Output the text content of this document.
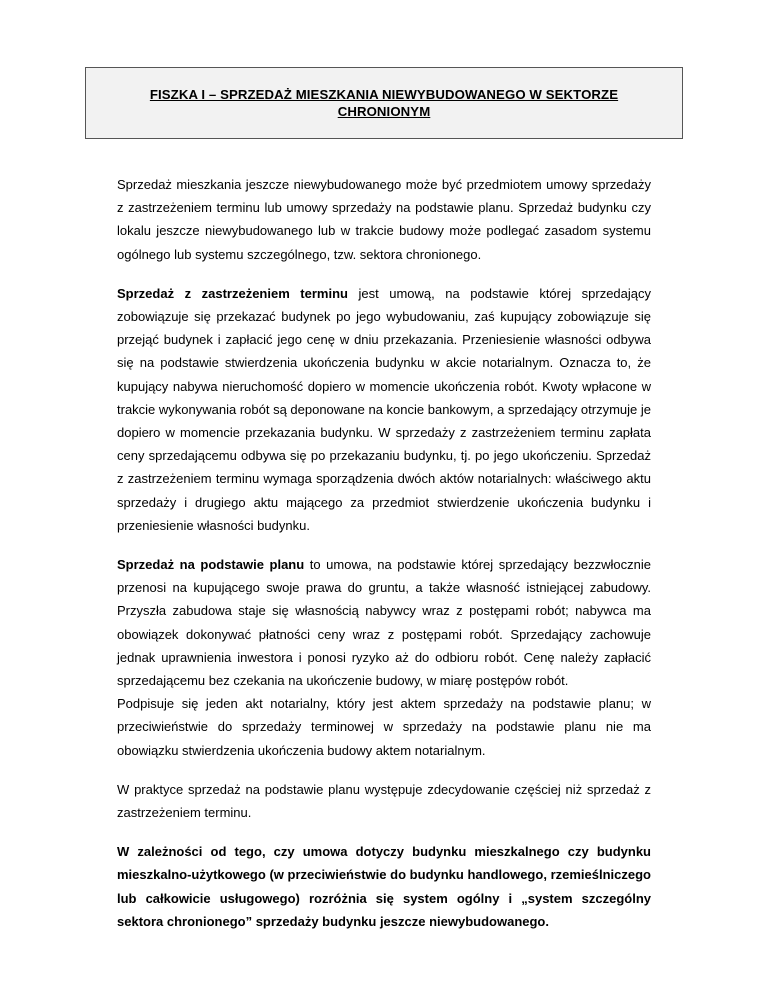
FISZKA I – SPRZEDAŻ MIESZKANIA NIEWYBUDOWANEGO W SEKTORZE CHRONIONYM

Sprzedaż mieszkania jeszcze niewybudowanego może być przedmiotem umowy sprzedaży z zastrzeżeniem terminu lub umowy sprzedaży na podstawie planu. Sprzedaż budynku czy lokalu jeszcze niewybudowanego lub w trakcie budowy może podlegać zasadom systemu ogólnego lub systemu szczególnego, tzw. sektora chronionego.

Sprzedaż z zastrzeżeniem terminu jest umową, na podstawie której sprzedający zobowiązuje się przekazać budynek po jego wybudowaniu, zaś kupujący zobowiązuje się przejąć budynek i zapłacić jego cenę w dniu przekazania. Przeniesienie własności odbywa się na podstawie stwierdzenia ukończenia budynku w akcie notarialnym. Oznacza to, że kupujący nabywa nieruchomość dopiero w momencie ukończenia robót. Kwoty wpłacone w trakcie wykonywania robót są deponowane na koncie bankowym, a sprzedający otrzymuje je dopiero w momencie przekazania budynku. W sprzedaży z zastrzeżeniem terminu zapłata ceny sprzedającemu odbywa się po przekazaniu budynku, tj. po jego ukończeniu. Sprzedaż z zastrzeżeniem terminu wymaga sporządzenia dwóch aktów notarialnych: właściwego aktu sprzedaży i drugiego aktu mającego za przedmiot stwierdzenie ukończenia budynku i przeniesienie własności budynku.

Sprzedaż na podstawie planu to umowa, na podstawie której sprzedający bezzwłocznie przenosi na kupującego swoje prawa do gruntu, a także własność istniejącej zabudowy. Przyszła zabudowa staje się własnością nabywcy wraz z postępami robót; nabywca ma obowiązek dokonywać płatności ceny wraz z postępami robót. Sprzedający zachowuje jednak uprawnienia inwestora i ponosi ryzyko aż do odbioru robót. Cenę należy zapłacić sprzedającemu bez czekania na ukończenie budowy, w miarę postępów robót.

Podpisuje się jeden akt notarialny, który jest aktem sprzedaży na podstawie planu; w przeciwieństwie do sprzedaży terminowej w sprzedaży na podstawie planu nie ma obowiązku stwierdzenia ukończenia budowy aktem notarialnym.

W praktyce sprzedaż na podstawie planu występuje zdecydowanie częściej niż sprzedaż z zastrzeżeniem terminu.

W zależności od tego, czy umowa dotyczy budynku mieszkalnego czy budynku mieszkalno-użytkowego (w przeciwieństwie do budynku handlowego, rzemieślniczego lub całkowicie usługowego) rozróżnia się system ogólny i „system szczególny sektora chronionego” sprzedaży budynku jeszcze niewybudowanego.
